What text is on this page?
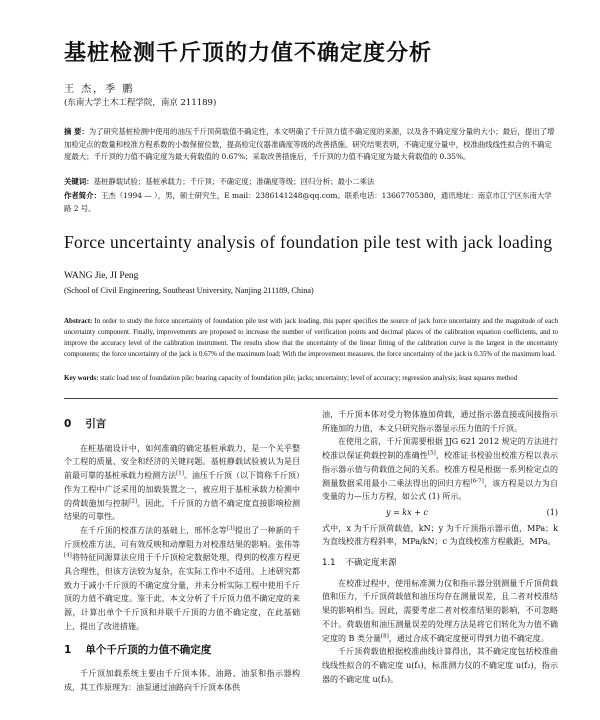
基桩检测千斤顶的力值不确定度分析
王 杰，季 鹏
(东南大学土木工程学院，南京 211189)
摘 要：为了研究基桩检测中使用的油压千斤顶荷载值不确定性，本文明确了千斤顶力值不确定度的来源，以及各不确定度分量的大小；最后，提出了增加检定点的数量和校准方程系数的小数保留位数，提高检定仪器准确度等级的改善措施。研究结果表明，不确定度分量中，校准曲线线性拟合的不确定度最大；千斤顶的力值不确定度为最大荷载值的 0.67%；采取改善措施后，千斤顶的力值不确定度为最大荷载值的 0.35%。
关键词：基桩静载试验；基桩承载力；千斤顶；不确定度；准确度等级；回归分析；最小二乘法
作者简介：王杰（1994 — ），男，硕士研究生，E mail：2386141248@qq.com。联系电话：13667705380，通讯地址：南京市江宁区东南大学路 2 号。
Force uncertainty analysis of foundation pile test with jack loading
WANG Jie, JI Peng
(School of Civil Engineering, Southeast University, Nanjing 211189, China)
Abstract: In order to study the force uncertainty of foundation pile test with jack loading, this paper specifies the source of jack force uncertainty and the magnitude of each uncertainty component. Finally, improvements are proposed to increase the number of verification points and decimal places of the calibration equation coefficients, and to improve the accuracy level of the calibration instrument. The results show that the uncertainty of the linear fitting of the calibration curve is the largest in the uncertainty components; the force uncertainty of the jack is 0.67% of the maximum load; With the improvement measures, the force uncertainty of the jack is 0.35% of the maximum load.
Key words: static load test of foundation pile; bearing capacity of foundation pile; jacks; uncertainty; level of accuracy; regression analysis; least squares method
0 引言

在桩基础设计中，如何准确的确定基桩承载力，是一个关乎整个工程的质量、安全和经济的关键问题。基桩静载试验被认为是目前最可靠的基桩承载力检测方法[1]。油压千斤顶（以下简称千斤顶）作为工程中广泛采用的加载装置之一，被应用于基桩承载力检测中的荷载施加与控制[2]。因此，千斤顶的力值不确定度直接影响检测结果的可靠性。

在千斤顶的校准方法的基础上，邢怀念等[3]提出了一种新的千斤顶校准方法，可有效反映和动摩阻力对校准结果的影响。张伟等[4]将特征同源算法应用于千斤顶检定数据处理，得到的校准方程更具合理性，但该方法较为复杂，在实际工作中不适用。上述研究都致力于减小千斤顶的不确定度分量，并未分析实际工程中使用千斤顶的力值不确定度。鉴于此，本文分析了千斤顶力值不确定度的来源，计算出单个千斤顶和并联千斤顶的力值不确定度，在此基础上，提出了改进措施。

1 单个千斤顶的力值不确定度

千斤顶加载系统主要由千斤顶本体、油路、油泵和指示器构成，其工作原理为：油泵通过油路向千斤顶本体供

油，千斤顶本体对受力物体施加荷载，通过指示器直接或间接指示所施加的力值，本文只研究指示器显示压力值的千斤顶。

在使用之前，千斤顶需要根据 JJG 621 2012 规定的方法进行校准以保证荷载控制的准确性[5]，校准证书校验出校准方程以表示指示器示值与荷载值之间的关系。校准方程是根据一系列检定点的测量数据采用最小二乘法得出的回归方程[6-7]，该方程是以力为自变量的力—压力方程，如公式 (1) 所示。

y = kx + c	(1)

式中，x 为千斤顶荷载值，kN；y 为千斤顶指示器示值，MPa；k 为直线校准方程斜率，MPa/kN；c 为直线校准方程截距，MPa。

1.1 不确定度来源

在校准过程中，使用标准测力仪和指示器分别测量千斤顶荷载值和压力，千斤顶荷载值和油压均存在测量误差，且二者对校准结果的影响相当。因此，需要考虑二者对校准结果的影响，不可忽略不计。荷载值和油压测量误差的处理方法是将它们转化为力值不确定度的 B 类分量[8]，通过合成不确定度便可得到力值不确定度。

千斤顶荷载值根据校准曲线计算得出，其不确定度包括校准曲线线性拟合的不确定度 u(f₁)，标准测力仪的不确定度 u(f₂)，指示器的不确定度 u(f₃)。
